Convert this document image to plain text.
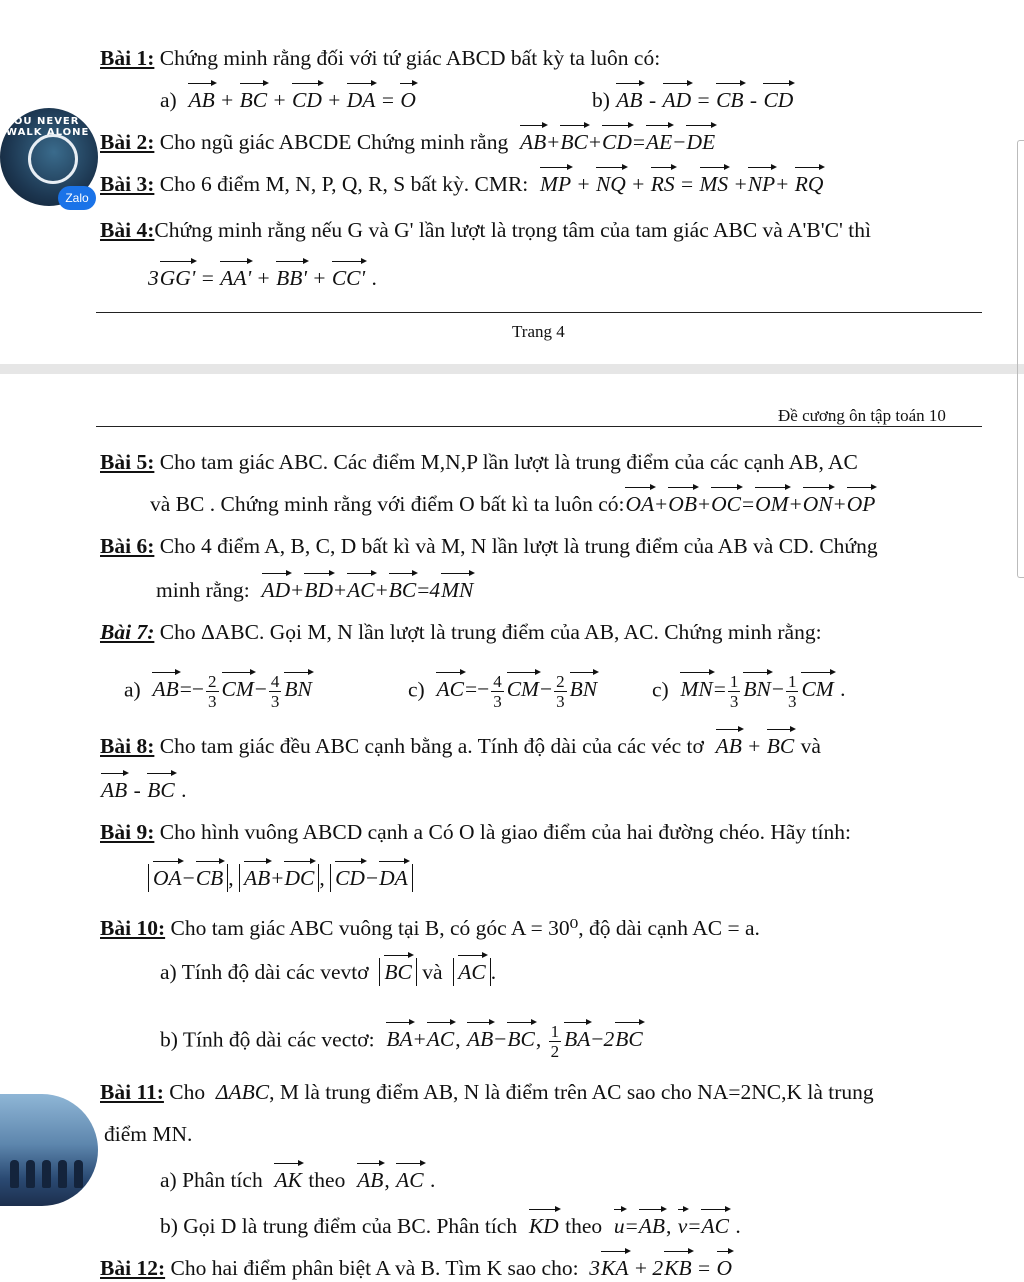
Bài 1: Chứng minh rằng đối với tứ giác ABCD bất kỳ ta luôn có:
a) AB + BC + CD + DA = O	b) AB - AD = CB - CD
Bài 2: Cho ngũ giác ABCDE Chứng minh rằng AB+BC+CD=AE−DE
Bài 3: Cho 6 điểm M, N, P, Q, R, S bất kỳ. CMR: MP + NQ + RS = MS +NP+ RQ
Bài 4:Chứng minh rằng nếu G và G' lần lượt là trọng tâm của tam giác ABC và A'B'C' thì
3GG' = AA' + BB' + CC' .
Trang 4
YOU NEVER WALK ALONE
Zalo
Đề cương ôn tập toán 10
Bài 5: Cho tam giác ABC. Các điểm M,N,P lần lượt là trung điểm của các cạnh AB, AC
và BC . Chứng minh rằng với điểm O bất kì ta luôn có:OA+OB+OC=OM+ON+OP
Bài 6: Cho 4 điểm A, B, C, D bất kì và M, N lần lượt là trung điểm của AB và CD. Chứng
minh rằng: AD+BD+AC+BC=4MN
Bài 7: Cho ΔABC. Gọi M, N lần lượt là trung điểm của AB, AC. Chứng minh rằng:
a) $AB=- \frac{2}{3} CM- \frac{4}{3}$ BN	c) $AC=- \frac{4}{3} CM- \frac{2}{3}$ BN	c) $MN= \frac{1}{3} BN- \frac{1}{3}$ CM .
Bài 8: Cho tam giác đều ABC cạnh bằng a. Tính độ dài của các véc tơ AB + BC và
AB - BC .
Bài 9: Cho hình vuông ABCD cạnh a Có O là giao điểm của hai đường chéo. Hãy tính:
OA−CB , AB+DC , CD−DA
Bài 10: Cho tam giác ABC vuông tại B, có góc A = 30⁰, độ dài cạnh AC = a.
a) Tính độ dài các vevtơ BC và AC .
b) Tính độ dài các vectơ: BA+AC, AB−BC, $\frac{1}{2} BA-2BC$
Bài 11: Cho  ΔABC, M là trung điểm AB, N là điểm trên AC sao cho NA=2NC,K là trung
điểm MN.
a) Phân tích AK theo AB, AC .
b) Gọi D là trung điểm của BC. Phân tích KD theo u=AB, v=AC .
Bài 12: Cho hai điểm phân biệt A và B. Tìm K sao cho: 3KA + 2KB = O
